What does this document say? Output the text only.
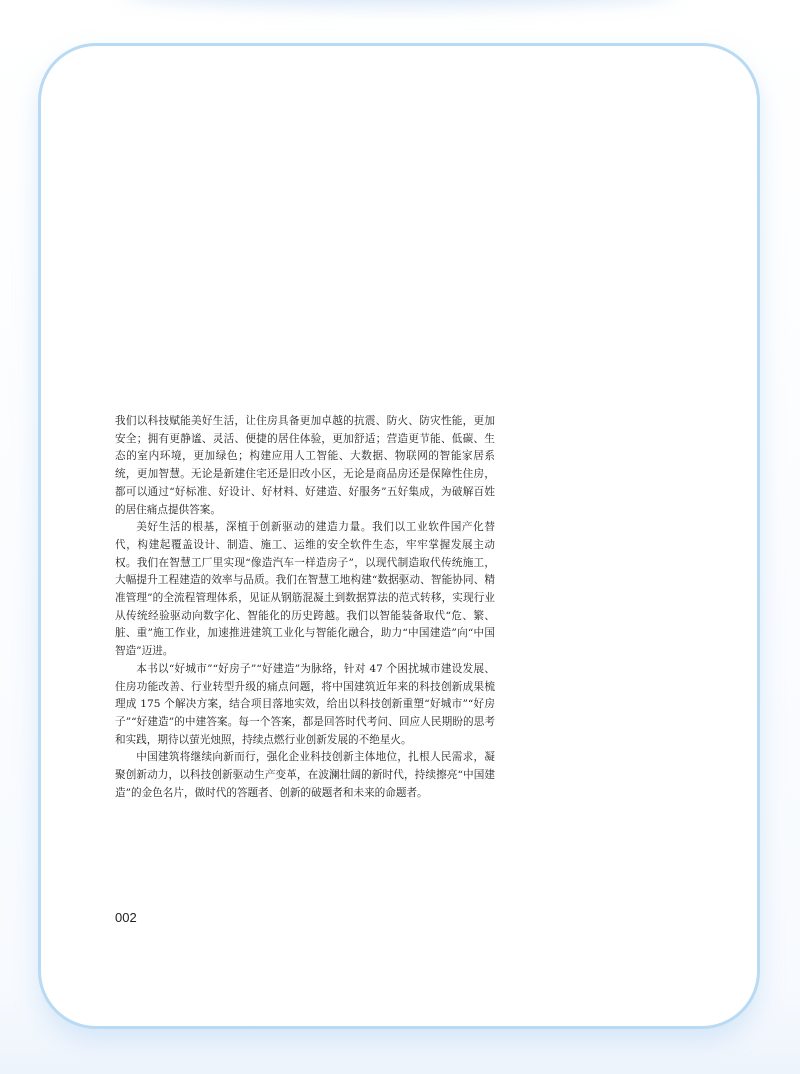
我们以科技赋能美好生活，让住房具备更加卓越的抗震、防火、防灾性能，更加安全；拥有更静谧、灵活、便捷的居住体验，更加舒适；营造更节能、低碳、生态的室内环境，更加绿色；构建应用人工智能、大数据、物联网的智能家居系统，更加智慧。无论是新建住宅还是旧改小区，无论是商品房还是保障性住房，都可以通过“好标准、好设计、好材料、好建造、好服务”五好集成，为破解百姓的居住痛点提供答案。

美好生活的根基，深植于创新驱动的建造力量。我们以工业软件国产化替代，构建起覆盖设计、制造、施工、运维的安全软件生态，牢牢掌握发展主动权。我们在智慧工厂里实现“像造汽车一样造房子”，以现代制造取代传统施工，大幅提升工程建造的效率与品质。我们在智慧工地构建“数据驱动、智能协同、精准管理”的全流程管理体系，见证从钢筋混凝土到数据算法的范式转移，实现行业从传统经验驱动向数字化、智能化的历史跨越。我们以智能装备取代“危、繁、脏、重”施工作业，加速推进建筑工业化与智能化融合，助力“中国建造”向“中国智造”迈进。

本书以“好城市”“好房子”“好建造”为脉络，针对 47 个困扰城市建设发展、住房功能改善、行业转型升级的痛点问题，将中国建筑近年来的科技创新成果梳理成 175 个解决方案，结合项目落地实效，给出以科技创新重塑“好城市”“好房子”“好建造”的中建答案。每一个答案，都是回答时代考问、回应人民期盼的思考和实践，期待以萤光烛照，持续点燃行业创新发展的不绝星火。

中国建筑将继续向新而行，强化企业科技创新主体地位，扎根人民需求，凝聚创新动力，以科技创新驱动生产变革，在波澜壮阔的新时代，持续擦亮“中国建造”的金色名片，做时代的答题者、创新的破题者和未来的命题者。

002
